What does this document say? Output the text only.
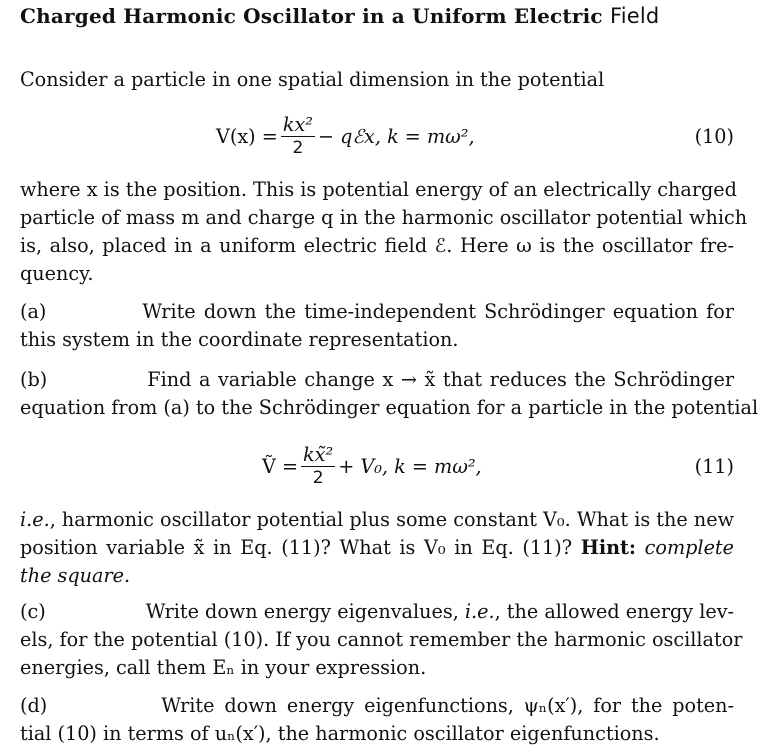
Charged Harmonic Oscillator in a Uniform Electric Field
Consider a particle in one spatial dimension in the potential
$V(x) = \frac{\text{kx²}}{2}$ − qℰx, k = mω²,	(10)
where x is the position. This is potential energy of an electrically charged
particle of mass m and charge q in the harmonic oscillator potential which
is, also, placed in a uniform electric field ℰ. Here ω is the oscillator fre-
quency.
(a)	Write down the time-independent Schrödinger equation for
this system in the coordinate representation.
(b)	Find a variable change x → x̃ that reduces the Schrödinger
equation from (a) to the Schrödinger equation for a particle in the potential
Ṽ = $\frac{\text{kx̃²}}{2} + V_0$, k = mω²,	(11)
i.e., harmonic oscillator potential plus some constant V₀. What is the new
position variable x̃ in Eq. (11)? What is V₀ in Eq. (11)? Hint: complete
the square.
(c)	Write down energy eigenvalues, i.e., the allowed energy lev-
els, for the potential (10). If you cannot remember the harmonic oscillator
energies, call them Eₙ in your expression.
(d)	Write down energy eigenfunctions, ψₙ(x′), for the poten-
tial (10) in terms of uₙ(x′), the harmonic oscillator eigenfunctions.
